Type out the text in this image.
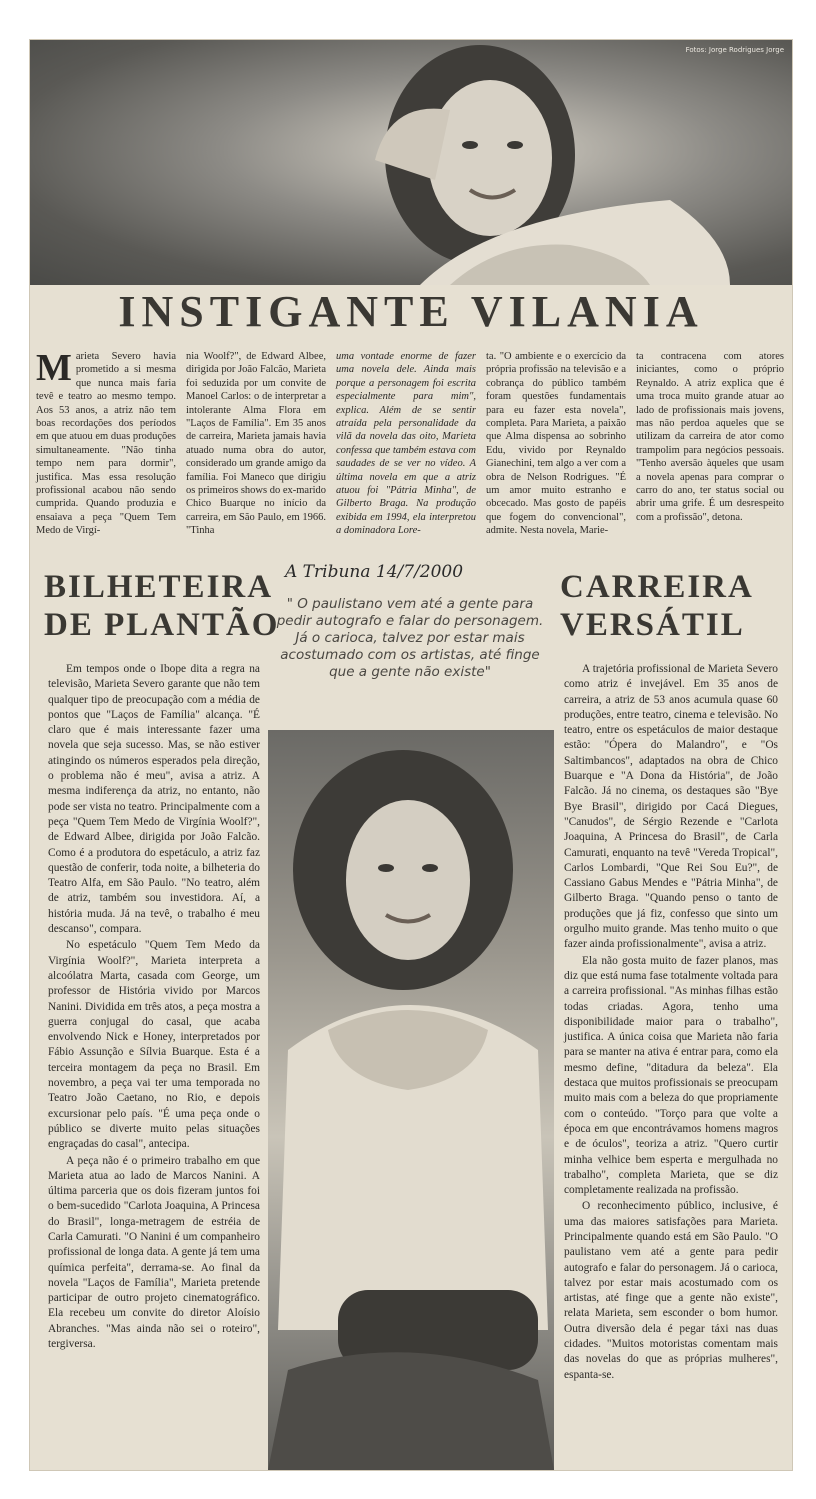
Fotos: Jorge Rodrigues Jorge
INSTIGANTE VILANIA
Marieta Severo havia prometido a si mesma que nunca mais faria tevê e teatro ao mesmo tempo. Aos 53 anos, a atriz não tem boas recordações dos períodos em que atuou em duas produções simultaneamente. "Não tinha tempo nem para dormir", justifica. Mas essa resolução profissional acabou não sendo cumprida. Quando produzia e ensaiava a peça "Quem Tem Medo de Virgí-
nia Woolf?", de Edward Albee, dirigida por João Falcão, Marieta foi seduzida por um convite de Manoel Carlos: o de interpretar a intolerante Alma Flora em "Laços de Família". Em 35 anos de carreira, Marieta jamais havia atuado numa obra do autor, considerado um grande amigo da família. Foi Maneco que dirigiu os primeiros shows do ex-marido Chico Buarque no início da carreira, em São Paulo, em 1966. "Tinha
uma vontade enorme de fazer uma novela dele. Ainda mais porque a personagem foi escrita especialmente para mim", explica. Além de se sentir atraída pela personalidade da vilã da novela das oito, Marieta confessa que também estava com saudades de se ver no vídeo. A última novela em que a atriz atuou foi "Pátria Minha", de Gilberto Braga. Na produção exibida em 1994, ela interpretou a dominadora Lore-
ta. "O ambiente e o exercício da própria profissão na televisão e a cobrança do público também foram questões fundamentais para eu fazer esta novela", completa. Para Marieta, a paixão que Alma dispensa ao sobrinho Edu, vivido por Reynaldo Gianechini, tem algo a ver com a obra de Nelson Rodrigues. "É um amor muito estranho e obcecado. Mas gosto de papéis que fogem do convencional", admite. Nesta novela, Marie-
ta contracena com atores iniciantes, como o próprio Reynaldo. A atriz explica que é uma troca muito grande atuar ao lado de profissionais mais jovens, mas não perdoa aqueles que se utilizam da carreira de ator como trampolim para negócios pessoais. "Tenho aversão àqueles que usam a novela apenas para comprar o carro do ano, ter status social ou abrir uma grife. É um desrespeito com a profissão", detona.
A Tribuna 14/7/2000
" O paulistano vem até a gente para pedir autografo e falar do personagem. Já o carioca, talvez por estar mais acostumado com os artistas, até finge que a gente não existe"
BILHETEIRA
DE PLANTÃO

Em tempos onde o Ibope dita a regra na televisão, Marieta Severo garante que não tem qualquer tipo de preocupação com a média de pontos que "Laços de Família" alcança. "É claro que é mais interessante fazer uma novela que seja sucesso. Mas, se não estiver atingindo os números esperados pela direção, o problema não é meu", avisa a atriz. A mesma indiferença da atriz, no entanto, não pode ser vista no teatro. Principalmente com a peça "Quem Tem Medo de Virgínia Woolf?", de Edward Albee, dirigida por João Falcão. Como é a produtora do espetáculo, a atriz faz questão de conferir, toda noite, a bilheteria do Teatro Alfa, em São Paulo. "No teatro, além de atriz, também sou investidora. Aí, a história muda. Já na tevê, o trabalho é meu descanso", compara.

No espetáculo "Quem Tem Medo da Virgínia Woolf?", Marieta interpreta a alcoólatra Marta, casada com George, um professor de História vivido por Marcos Nanini. Dividida em três atos, a peça mostra a guerra conjugal do casal, que acaba envolvendo Nick e Honey, interpretados por Fábio Assunção e Sílvia Buarque. Esta é a terceira montagem da peça no Brasil. Em novembro, a peça vai ter uma temporada no Teatro João Caetano, no Rio, e depois excursionar pelo país. "É uma peça onde o público se diverte muito pelas situações engraçadas do casal", antecipa.

A peça não é o primeiro trabalho em que Marieta atua ao lado de Marcos Nanini. A última parceria que os dois fizeram juntos foi o bem-sucedido "Carlota Joaquina, A Princesa do Brasil", longa-metragem de estréia de Carla Camurati. "O Nanini é um companheiro profissional de longa data. A gente já tem uma química perfeita", derrama-se. Ao final da novela "Laços de Família", Marieta pretende participar de outro projeto cinematográfico. Ela recebeu um convite do diretor Aloísio Abranches. "Mas ainda não sei o roteiro", tergiversa.

CARREIRA
VERSÁTIL

A trajetória profissional de Marieta Severo como atriz é invejável. Em 35 anos de carreira, a atriz de 53 anos acumula quase 60 produções, entre teatro, cinema e televisão. No teatro, entre os espetáculos de maior destaque estão: "Ópera do Malandro", e "Os Saltimbancos", adaptados na obra de Chico Buarque e "A Dona da História", de João Falcão. Já no cinema, os destaques são "Bye Bye Brasil", dirigido por Cacá Diegues, "Canudos", de Sérgio Rezende e "Carlota Joaquina, A Princesa do Brasil", de Carla Camurati, enquanto na tevê "Vereda Tropical", Carlos Lombardi, "Que Rei Sou Eu?", de Cassiano Gabus Mendes e "Pátria Minha", de Gilberto Braga. "Quando penso o tanto de produções que já fiz, confesso que sinto um orgulho muito grande. Mas tenho muito o que fazer ainda profissionalmente", avisa a atriz.

Ela não gosta muito de fazer planos, mas diz que está numa fase totalmente voltada para a carreira profissional. "As minhas filhas estão todas criadas. Agora, tenho uma disponibilidade maior para o trabalho", justifica. A única coisa que Marieta não faria para se manter na ativa é entrar para, como ela mesmo define, "ditadura da beleza". Ela destaca que muitos profissionais se preocupam muito mais com a beleza do que propriamente com o conteúdo. "Torço para que volte a época em que encontrávamos homens magros e de óculos", teoriza a atriz. "Quero curtir minha velhice bem esperta e mergulhada no trabalho", completa Marieta, que se diz completamente realizada na profissão.

O reconhecimento público, inclusive, é uma das maiores satisfações para Marieta. Principalmente quando está em São Paulo. "O paulistano vem até a gente para pedir autografo e falar do personagem. Já o carioca, talvez por estar mais acostumado com os artistas, até finge que a gente não existe", relata Marieta, sem esconder o bom humor. Outra diversão dela é pegar táxi nas duas cidades. "Muitos motoristas comentam mais das novelas do que as próprias mulheres", espanta-se.
